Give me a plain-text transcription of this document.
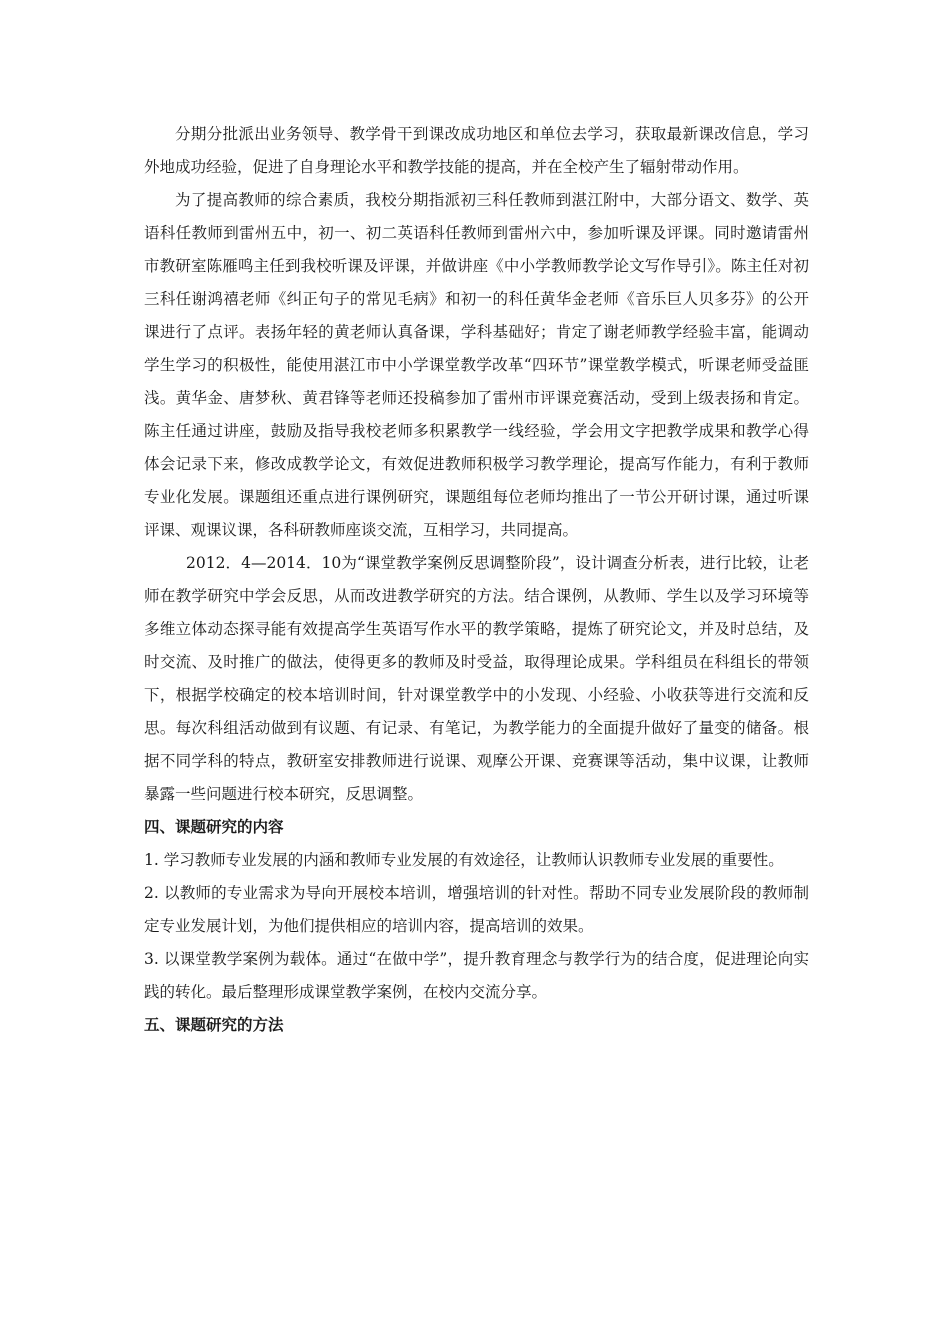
分期分批派出业务领导、教学骨干到课改成功地区和单位去学习，获取最新课改信息，学习外地成功经验，促进了自身理论水平和教学技能的提高，并在全校产生了辐射带动作用。

为了提高教师的综合素质，我校分期指派初三科任教师到湛江附中，大部分语文、数学、英语科任教师到雷州五中，初一、初二英语科任教师到雷州六中，参加听课及评课。同时邀请雷州市教研室陈雁鸣主任到我校听课及评课，并做讲座《中小学教师教学论文写作导引》。陈主任对初三科任谢鸿禧老师《纠正句子的常见毛病》和初一的科任黄华金老师《音乐巨人贝多芬》的公开课进行了点评。表扬年轻的黄老师认真备课，学科基础好；肯定了谢老师教学经验丰富，能调动学生学习的积极性，能使用湛江市中小学课堂教学改革“四环节”课堂教学模式，听课老师受益匪浅。黄华金、唐梦秋、黄君锋等老师还投稿参加了雷州市评课竞赛活动，受到上级表扬和肯定。陈主任通过讲座，鼓励及指导我校老师多积累教学一线经验，学会用文字把教学成果和教学心得体会记录下来，修改成教学论文，有效促进教师积极学习教学理论，提高写作能力，有利于教师专业化发展。课题组还重点进行课例研究，课题组每位老师均推出了一节公开研讨课，通过听课评课、观课议课，各科研教师座谈交流，互相学习，共同提高。

2012．4—2014．10为“课堂教学案例反思调整阶段”，设计调查分析表，进行比较，让老师在教学研究中学会反思，从而改进教学研究的方法。结合课例，从教师、学生以及学习环境等多维立体动态探寻能有效提高学生英语写作水平的教学策略，提炼了研究论文，并及时总结，及时交流、及时推广的做法，使得更多的教师及时受益，取得理论成果。学科组员在科组长的带领下，根据学校确定的校本培训时间，针对课堂教学中的小发现、小经验、小收获等进行交流和反思。每次科组活动做到有议题、有记录、有笔记，为教学能力的全面提升做好了量变的储备。根据不同学科的特点，教研室安排教师进行说课、观摩公开课、竞赛课等活动，集中议课，让教师暴露一些问题进行校本研究，反思调整。

四、课题研究的内容

1. 学习教师专业发展的内涵和教师专业发展的有效途径，让教师认识教师专业发展的重要性。

2. 以教师的专业需求为导向开展校本培训，增强培训的针对性。帮助不同专业发展阶段的教师制定专业发展计划，为他们提供相应的培训内容，提高培训的效果。

3. 以课堂教学案例为载体。通过“在做中学”，提升教育理念与教学行为的结合度，促进理论向实践的转化。最后整理形成课堂教学案例，在校内交流分享。

五、课题研究的方法
